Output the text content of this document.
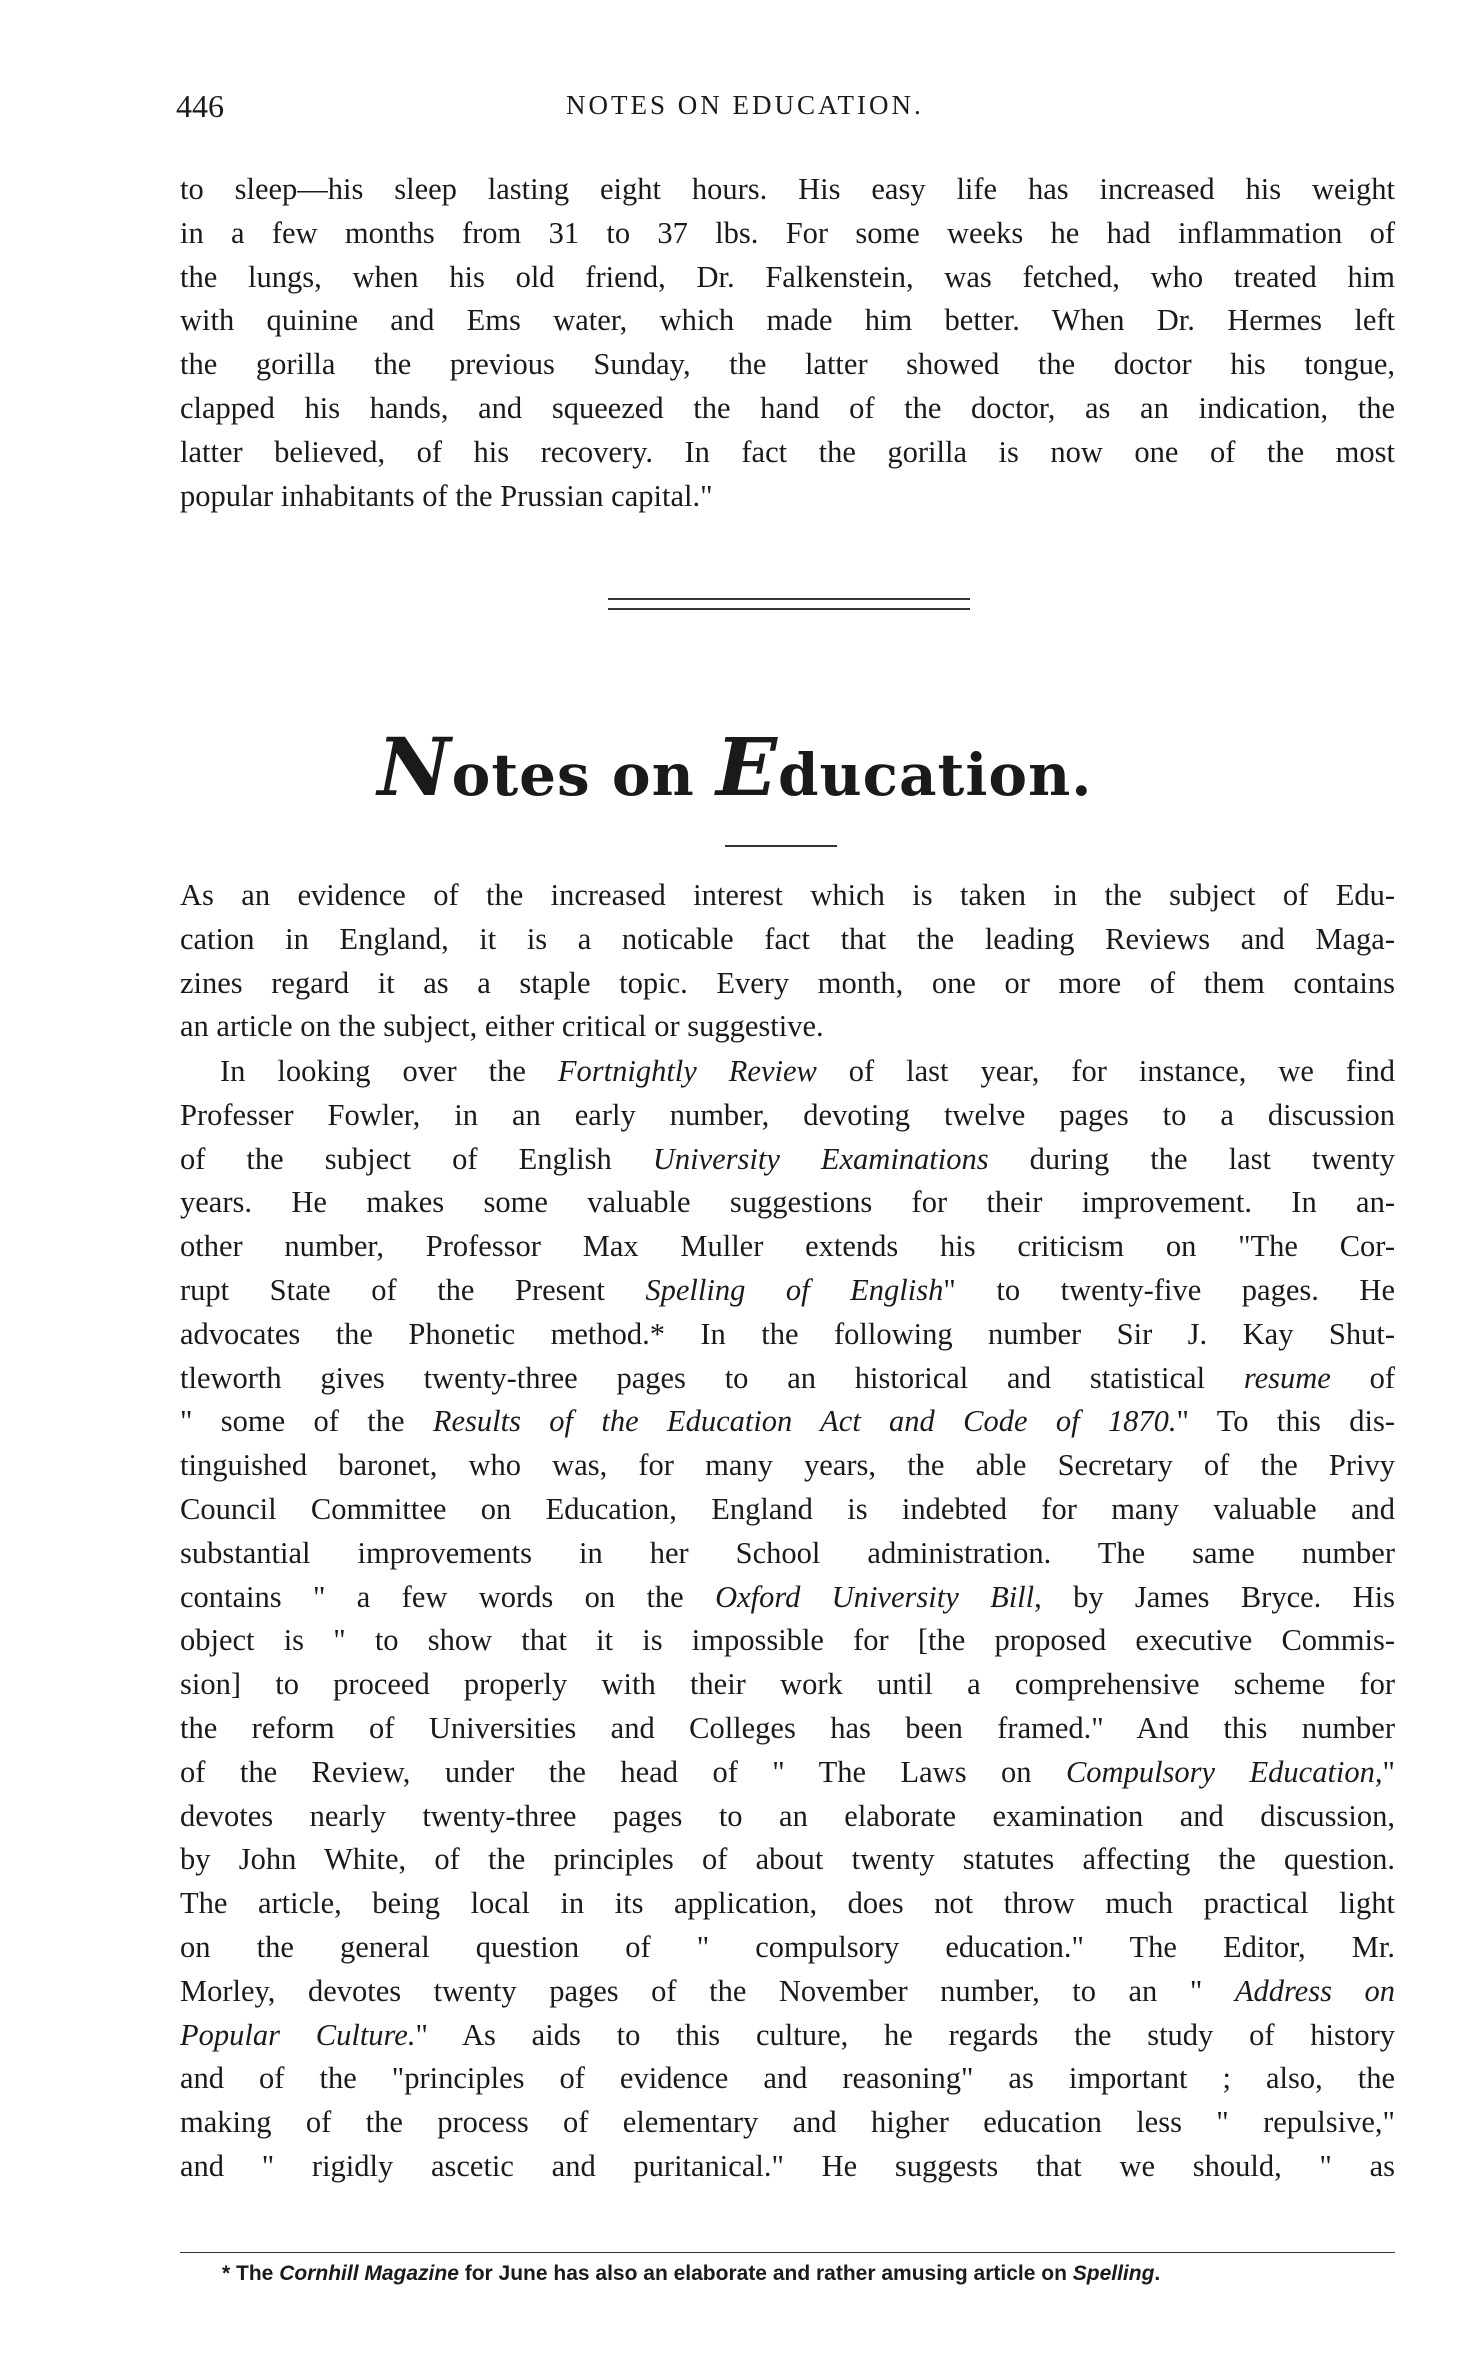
446	NOTES ON EDUCATION.
to sleep—his sleep lasting eight hours. His easy life has increased his weight
in a few months from 31 to 37 lbs. For some weeks he had inflammation of
the lungs, when his old friend, Dr. Falkenstein, was fetched, who treated him
with quinine and Ems water, which made him better. When Dr. Hermes left
the gorilla the previous Sunday, the latter showed the doctor his tongue,
clapped his hands, and squeezed the hand of the doctor, as an indication, the
latter believed, of his recovery. In fact the gorilla is now one of the most
popular inhabitants of the Prussian capital."
Notes on Education.
As an evidence of the increased interest which is taken in the subject of Edu-
cation in England, it is a noticable fact that the leading Reviews and Maga-
zines regard it as a staple topic. Every month, one or more of them contains
an article on the subject, either critical or suggestive.
In looking over the Fortnightly Review of last year, for instance, we find
Professer Fowler, in an early number, devoting twelve pages to a discussion
of the subject of English University Examinations during the last twenty
years. He makes some valuable suggestions for their improvement. In an-
other number, Professor Max Muller extends his criticism on "The Cor-
rupt State of the Present Spelling of English" to twenty-five pages. He
advocates the Phonetic method.* In the following number Sir J. Kay Shut-
tleworth gives twenty-three pages to an historical and statistical resume of
" some of the Results of the Education Act and Code of 1870." To this dis-
tinguished baronet, who was, for many years, the able Secretary of the Privy
Council Committee on Education, England is indebted for many valuable and
substantial improvements in her School administration. The same number
contains " a few words on the Oxford University Bill, by James Bryce. His
object is " to show that it is impossible for [the proposed executive Commis-
sion] to proceed properly with their work until a comprehensive scheme for
the reform of Universities and Colleges has been framed." And this number
of the Review, under the head of " The Laws on Compulsory Education,"
devotes nearly twenty-three pages to an elaborate examination and discussion,
by John White, of the principles of about twenty statutes affecting the question.
The article, being local in its application, does not throw much practical light
on the general question of " compulsory education." The Editor, Mr.
Morley, devotes twenty pages of the November number, to an " Address on
Popular Culture." As aids to this culture, he regards the study of history
and of the "principles of evidence and reasoning" as important ; also, the
making of the process of elementary and higher education less " repulsive,"
and " rigidly ascetic and puritanical." He suggests that we should, " as
* The Cornhill Magazine for June has also an elaborate and rather amusing article on Spelling.
